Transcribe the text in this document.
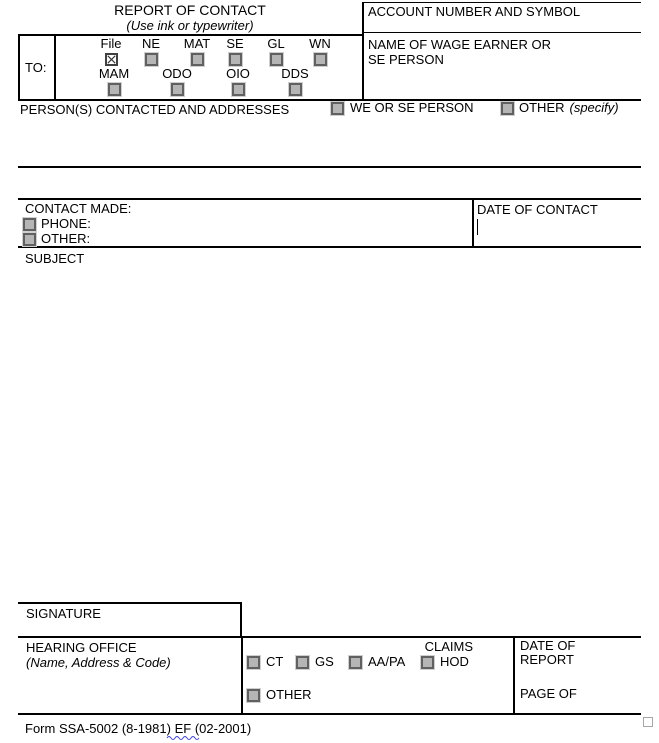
REPORT OF CONTACT
(Use ink or typewriter)
ACCOUNT NUMBER AND SYMBOL
NAME OF WAGE EARNER OR
SE PERSON
TO:
File NE MAT SE GL WN
MAM	ODO	OIO DDS
PERSON(S) CONTACTED AND ADDRESSES	WE OR SE PERSON	OTHER (specify)
CONTACT MADE:
PHONE:
OTHER:
DATE OF CONTACT
SUBJECT
SIGNATURE
HEARING OFFICE
(Name, Address & Code)
CLAIMS
CT GS	AA/PA	HOD
OTHER
DATE OF
REPORT
PAGE OF
Form SSA-5002 (8-1981) EF (02-2001)
